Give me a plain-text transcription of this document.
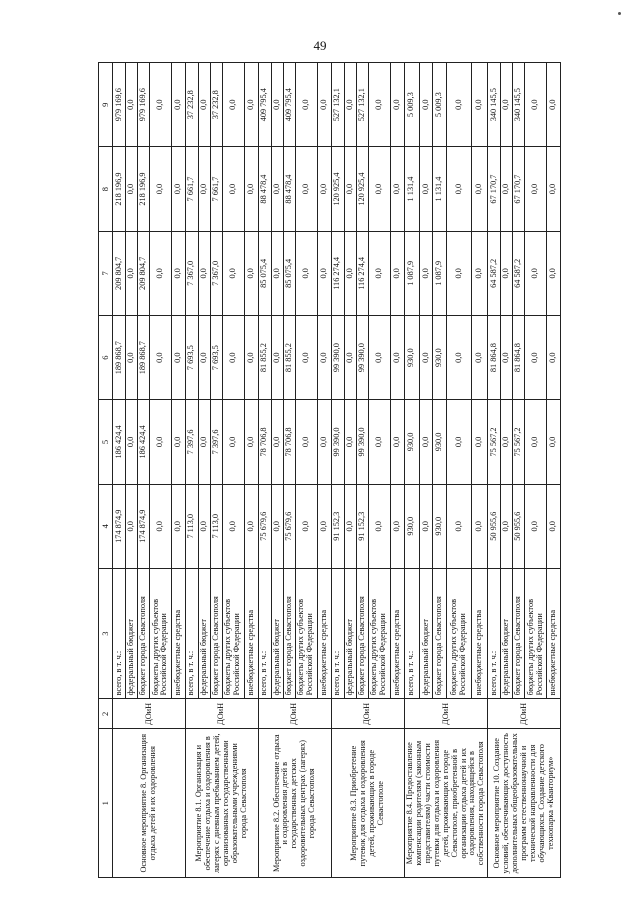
49
1	2	3	4	5	6	7	8	9
Основное мероприятие 8. Организация отдыха детей и их оздоровления	ДОиН	всего, в т. ч.:	174 874,9	186 424,4	189 868,7	209 804,7	218 196,9	979 169,6
		федеральный бюджет	0,0	0,0	0,0	0,0	0,0	0,0
		бюджет города Севастополя	174 874,9	186 424,4	189 868,7	209 804,7	218 196,9	979 169,6
		бюджеты других субъектов Российской Федерации	0,0	0,0	0,0	0,0	0,0	0,0
		внебюджетные средства	0,0	0,0	0,0	0,0	0,0	0,0
Мероприятие 8.1. Организация и обеспечение отдыха и оздоровления в лагерях с дневным пребыванием детей, организованных государственными образовательными учреждениями города Севастополя	ДОиН	всего, в т. ч.:	7 113,0	7 397,6	7 693,5	7 367,0	7 661,7	37 232,8
		федеральный бюджет	0,0	0,0	0,0	0,0	0,0	0,0
		бюджет города Севастополя	7 113,0	7 397,6	7 693,5	7 367,0	7 661,7	37 232,8
		бюджеты других субъектов Российской Федерации	0,0	0,0	0,0	0,0	0,0	0,0
		внебюджетные средства	0,0	0,0	0,0	0,0	0,0	0,0
Мероприятие 8.2. Обеспечение отдыха и оздоровления детей в государственных детских оздоровительных центрах (лагерях) города Севастополя	ДОиН	всего, в т. ч.:	75 679,6	78 706,8	81 855,2	85 075,4	88 478,4	409 795,4
		федеральный бюджет	0,0	0,0	0,0	0,0	0,0	0,0
		бюджет города Севастополя	75 679,6	78 706,8	81 855,2	85 075,4	88 478,4	409 795,4
		бюджеты других субъектов Российской Федерации	0,0	0,0	0,0	0,0	0,0	0,0
		внебюджетные средства	0,0	0,0	0,0	0,0	0,0	0,0
Мероприятие 8.3. Приобретение путевок для отдыха и оздоровления детей, проживающих в городе Севастополе	ДОиН	всего, в т. ч.:	91 152,3	99 390,0	99 390,0	116 274,4	120 925,4	527 132,1
		федеральный бюджет	0,0	0,0	0,0	0,0	0,0	0,0
		бюджет города Севастополя	91 152,3	99 390,0	99 390,0	116 274,4	120 925,4	527 132,1
		бюджеты других субъектов Российской Федерации	0,0	0,0	0,0	0,0	0,0	0,0
		внебюджетные средства	0,0	0,0	0,0	0,0	0,0	0,0
Мероприятие 8.4. Предоставление компенсации родителям (законным представителям) части стоимости путевки для отдыха и оздоровления детей, проживающих в городе Севастополе, приобретенной в организации отдыха детей и их оздоровления, находящейся в собственности города Севастополя	ДОиН	всего, в т. ч.:	930,0	930,0	930,0	1 087,9	1 131,4	5 009,3
		федеральный бюджет	0,0	0,0	0,0	0,0	0,0	0,0
		бюджет города Севастополя	930,0	930,0	930,0	1 087,9	1 131,4	5 009,3
		бюджеты других субъектов Российской Федерации	0,0	0,0	0,0	0,0	0,0	0,0
		внебюджетные средства	0,0	0,0	0,0	0,0	0,0	0,0
Основное мероприятие 10. Создание условий, обеспечивающих доступность дополнительных общеобразовательных программ естественнонаучной и технической направленности для обучающихся. Создание детского технопарка «Кванториум»	ДОиН	всего, в т. ч.:	50 955,6	75 567,2	81 864,8	64 587,2	67 170,7	340 145,5
		федеральный бюджет	0,0	0,0	0,0	0,0	0,0	0,0
		бюджет города Севастополя	50 955,6	75 567,2	81 864,8	64 587,2	67 170,7	340 145,5
		бюджеты других субъектов Российской Федерации	0,0	0,0	0,0	0,0	0,0	0,0
		внебюджетные средства	0,0	0,0	0,0	0,0	0,0	0,0
